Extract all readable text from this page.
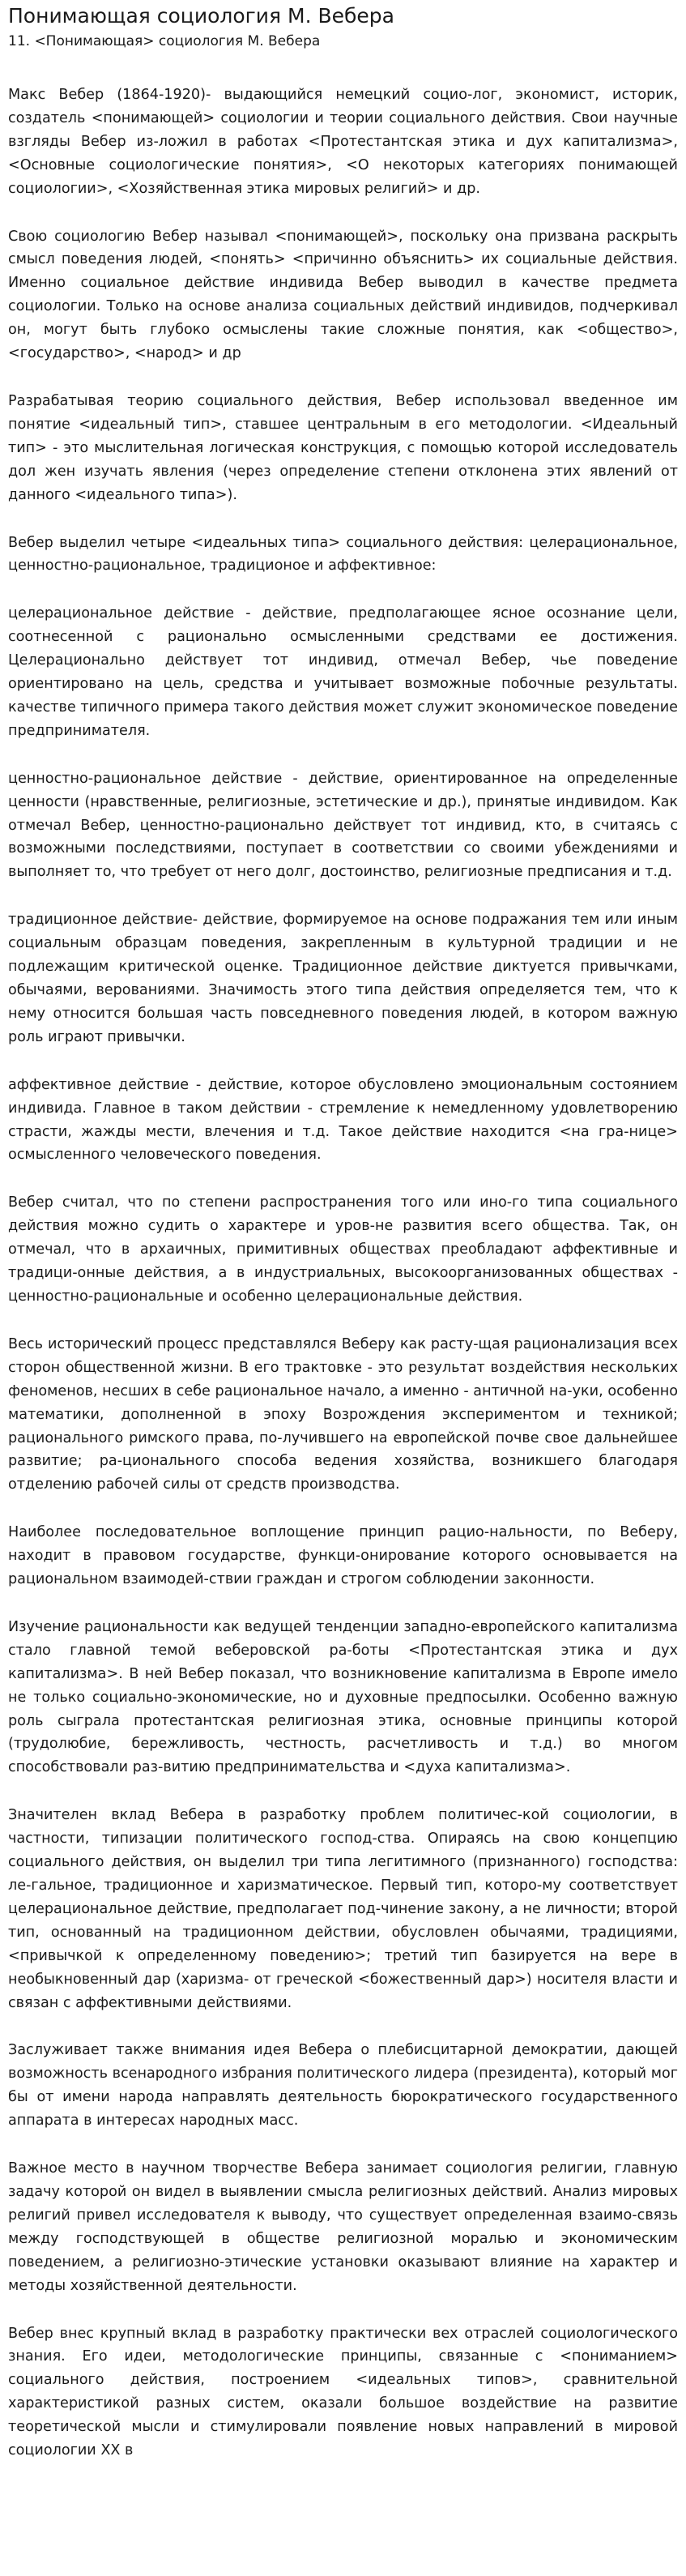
Понимающая социология М. Вебера
11. <Понимающая> социология М. Вебера

Макс Вебер (1864-1920)- выдающийся немецкий социо-лог, экономист, историк, создатель <понимающей> социологии и теории социального действия. Свои научные взгляды Вебер из-ложил в работах <Протестантская этика и дух капитализма>, <Основные социологические понятия>, <О некоторых категориях понимающей социологии>, <Хозяйственная этика мировых религий> и др.

Свою социологию Вебер называл <понимающей>, поскольку она призвана раскрыть смысл поведения людей, <понять> <причинно объяснить> их социальные действия. Именно социальное действие индивида Вебер выводил в качестве предмета социологии. Только на основе анализа социальных действий индивидов, подчеркивал он, могут быть глубоко осмыслены такие сложные понятия, как <общество>, <государство>, <народ> и др

Разрабатывая теорию социального действия, Вебер использовал введенное им понятие <идеальный тип>, ставшее центральным в его методологии. <Идеальный тип> - это мыслительная логическая конструкция, с помощью которой исследователь дол жен изучать явления (через определение степени отклонена этих явлений от данного <идеального типа>).

Вебер выделил четыре <идеальных типа> социального действия: целерациональное, ценностно-рациональное, традиционое и аффективное:

целерациональное действие - действие, предполагающее ясное осознание цели, соотнесенной с рационально осмысленными средствами ее достижения. Целерационально действует тот индивид, отмечал Вебер, чье поведение ориентировано на цель, средства и учитывает возможные побочные результаты. качестве типичного примера такого действия может служит экономическое поведение предпринимателя.

ценностно-рациональное действие - действие, ориентированное на определенные ценности (нравственные, религиозные, эстетические и др.), принятые индивидом. Как отмечал Вебер, ценностно-рационально действует тот индивид, кто, в считаясь с возможными последствиями, поступает в соответствии со своими убеждениями и выполняет то, что требует от него долг, достоинство, религиозные предписания и т.д.

традиционное действие- действие, формируемое на основе подражания тем или иным социальным образцам поведения, закрепленным в культурной традиции и не подлежащим критической оценке. Традиционное действие диктуется привычками, обычаями, верованиями. Значимость этого типа действия определяется тем, что к нему относится большая часть повседневного поведения людей, в котором важную роль играют привычки.

аффективное действие - действие, которое обусловлено эмоциональным состоянием индивида. Главное в таком действии - стремление к немедленному удовлетворению страсти, жажды мести, влечения и т.д. Такое действие находится <на гра-нице> осмысленного человеческого поведения.

Вебер считал, что по степени распространения того или ино-го типа социального действия можно судить о характере и уров-не развития всего общества. Так, он отмечал, что в архаичных, примитивных обществах преобладают аффективные и традици-онные действия, а в индустриальных, высокоорганизованных обществах - ценностно-рациональные и особенно целерациональные действия.

Весь исторический процесс представлялся Веберу как расту-щая рационализация всех сторон общественной жизни. В его трактовке - это результат воздействия нескольких феноменов, несших в себе рациональное начало, а именно - античной на-уки, особенно математики, дополненной в эпоху Возрождения экспериментом и техникой; рационального римского права, по-лучившего на европейской почве свое дальнейшее развитие; ра-ционального способа ведения хозяйства, возникшего благодаря отделению рабочей силы от средств производства.

Наиболее последовательное воплощение принцип рацио-нальности, по Веберу, находит в правовом государстве, функци-онирование которого основывается на рациональном взаимодей-ствии граждан и строгом соблюдении законности.

Изучение рациональности как ведущей тенденции западно-европейского капитализма стало главной темой веберовской ра-боты <Протестантская этика и дух капитализма>. В ней Вебер показал, что возникновение капитализма в Европе имело не только социально-экономические, но и духовные предпосылки. Особенно важную роль сыграла протестантская религиозная этика, основные принципы которой (трудолюбие, бережливость, честность, расчетливость и т.д.) во многом способствовали раз-витию предпринимательства и <духа капитализма>.

Значителен вклад Вебера в разработку проблем политичес-кой социологии, в частности, типизации политического господ-ства. Опираясь на свою концепцию социального действия, он выделил три типа легитимного (признанного) господства: ле-гальное, традиционное и харизматическое. Первый тип, которо-му соответствует целерациональное действие, предполагает под-чинение закону, а не личности; второй тип, основанный на традиционном действии, обусловлен обычаями, традициями, <привычкой к определенному поведению>; третий тип базируется на вере в необыкновенный дар (харизма- от греческой <божественный дар>) носителя власти и связан с аффективными действиями.

Заслуживает также внимания идея Вебера о плебисцитарной демократии, дающей возможность всенародного избрания политического лидера (президента), который мог бы от имени народа направлять деятельность бюрократического государственного аппарата в интересах народных масс.

Важное место в научном творчестве Вебера занимает социология религии, главную задачу которой он видел в выявлении смысла религиозных действий. Анализ мировых религий привел исследователя к выводу, что существует определенная взаимо-связь между господствующей в обществе религиозной моралью и экономическим поведением, а религиозно-этические установки оказывают влияние на характер и методы хозяйственной деятельности.

Вебер внес крупный вклад в разработку практически вех отраслей социологического знания. Его идеи, методологические принципы, связанные с <пониманием> социального действия, построением <идеальных типов>, сравнительной характеристикой разных систем, оказали большое воздействие на развитие теоретической мысли и стимулировали появление новых направлений в мировой социологии XX в
